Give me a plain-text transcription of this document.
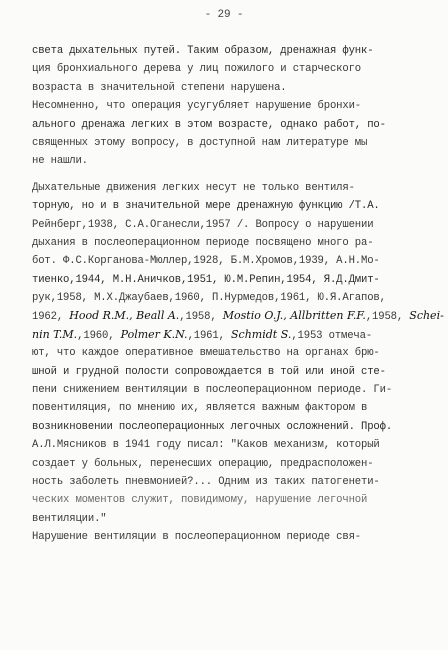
- 29 -
света дыхательных путей. Таким образом, дренажная функ-
ция бронхиального дерева у лиц пожилого и старческого
возраста в значительной степени нарушена.
Несомненно, что операция усугубляет нарушение бронхи-
ального дренажа легких в этом возрасте, однако работ, по-
священных этому вопросу, в доступной нам литературе мы
не нашли.
Дыхательные движения легких несут не только вентиля-
торную, но и в значительной мере дренажную функцию /Т.А.
Рейнберг,1938, С.А.Оганесли,1957 /. Вопросу о нарушении
дыхания в послеоперационном периоде посвящено много ра-
бот. Ф.С.Корганова-Мюллер,1928, Б.М.Хромов,1939, А.Н.Мо-
тиенко,1944, М.Н.Аничков,1951, Ю.М.Репин,1954, Я.Д.Дмит-
рук,1958, М.Х.Джаубаев,1960, П.Нурмедов,1961, Ю.Я.Агапов,
1962, Hood R.M., Beall A.,1958, Mostio O.J., Allbritten F.F.,1958, Schei-
nin T.M.,1960, Polmer K.N.,1961, Schmidt S.,1953 отмеча-
ют, что каждое оперативное вмешательство на органах брю-
шной и грудной полости сопровождается в той или иной сте-
пени снижением вентиляции в послеоперационном периоде. Ги-
повентиляция, по мнению их, является важным фактором в
возникновении послеоперационных легочных осложнений. Проф.
А.Л.Мясников в 1941 году писал: "Каков механизм, который
создает у больных, перенесших операцию, предрасположен-
ность заболеть пневмонией?... Одним из таких патогенети-
ческих моментов служит, повидимому, нарушение легочной
вентиляции."
Нарушение вентиляции в послеоперационном периоде свя-
